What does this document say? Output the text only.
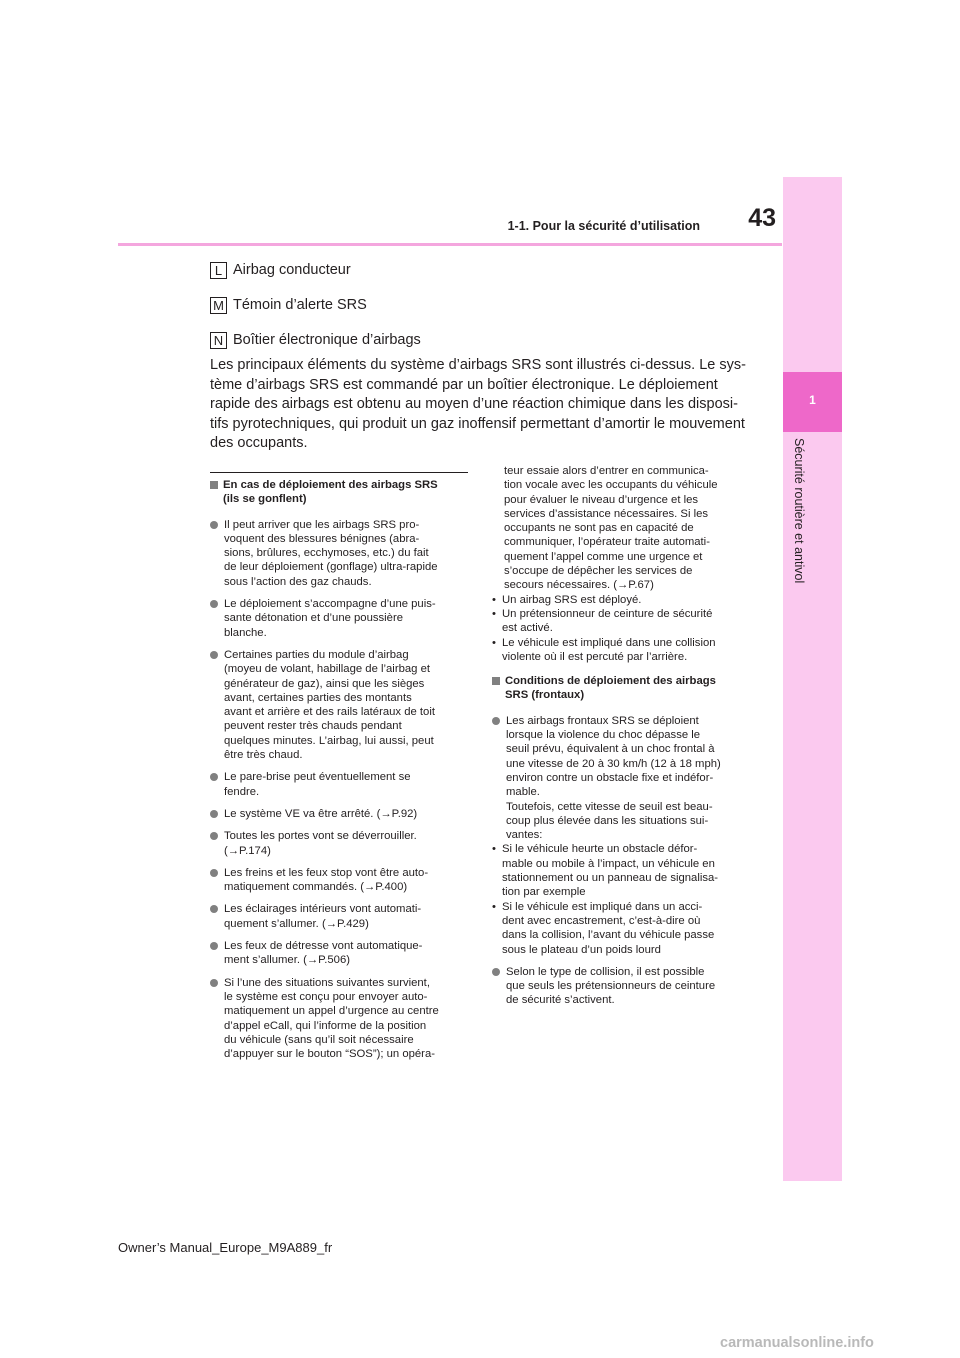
1
Sécurité routière et antivol
43
1-1. Pour la sécurité d’utilisation
L Airbag conducteur
M Témoin d’alerte SRS
N Boîtier électronique d’airbags

Les principaux éléments du système d’airbags SRS sont illustrés ci-dessus. Le sys-
tème d’airbags SRS est commandé par un boîtier électronique. Le déploiement
rapide des airbags est obtenu au moyen d’une réaction chimique dans les disposi-
tifs pyrotechniques, qui produit un gaz inoffensif permettant d’amortir le mouvement
des occupants.

En cas de déploiement des airbags SRS
(ils se gonflent)
Il peut arriver que les airbags SRS pro-
voquent des blessures bénignes (abra-
sions, brûlures, ecchymoses, etc.) du fait
de leur déploiement (gonflage) ultra-rapide
sous l’action des gaz chauds.
Le déploiement s’accompagne d’une puis-
sante détonation et d’une poussière
blanche.
Certaines parties du module d’airbag
(moyeu de volant, habillage de l’airbag et
générateur de gaz), ainsi que les sièges
avant, certaines parties des montants
avant et arrière et des rails latéraux de toit
peuvent rester très chauds pendant
quelques minutes. L’airbag, lui aussi, peut
être très chaud.
Le pare-brise peut éventuellement se
fendre.
Le système VE va être arrêté. (→P.92)
Toutes les portes vont se déverrouiller.
(→P.174)
Les freins et les feux stop vont être auto-
matiquement commandés. (→P.400)
Les éclairages intérieurs vont automati-
quement s’allumer. (→P.429)
Les feux de détresse vont automatique-
ment s’allumer. (→P.506)
Si l’une des situations suivantes survient,
le système est conçu pour envoyer auto-
matiquement un appel d’urgence au centre
d’appel eCall, qui l’informe de la position
du véhicule (sans qu’il soit nécessaire
d’appuyer sur le bouton “SOS”); un opéra-
teur essaie alors d’entrer en communica-
tion vocale avec les occupants du véhicule
pour évaluer le niveau d’urgence et les
services d’assistance nécessaires. Si les
occupants ne sont pas en capacité de
communiquer, l’opérateur traite automati-
quement l’appel comme une urgence et
s’occupe de dépêcher les services de
secours nécessaires. (→P.67)
• Un airbag SRS est déployé.
• Un prétensionneur de ceinture de sécurité
est activé.
• Le véhicule est impliqué dans une collision
violente où il est percuté par l’arrière.
Conditions de déploiement des airbags
SRS (frontaux)
Les airbags frontaux SRS se déploient
lorsque la violence du choc dépasse le
seuil prévu, équivalent à un choc frontal à
une vitesse de 20 à 30 km/h (12 à 18 mph)
environ contre un obstacle fixe et indéfor-
mable.
Toutefois, cette vitesse de seuil est beau-
coup plus élevée dans les situations sui-
vantes:
• Si le véhicule heurte un obstacle défor-
mable ou mobile à l’impact, un véhicule en
stationnement ou un panneau de signalisa-
tion par exemple
• Si le véhicule est impliqué dans un acci-
dent avec encastrement, c’est-à-dire où
dans la collision, l’avant du véhicule passe
sous le plateau d’un poids lourd
Selon le type de collision, il est possible
que seuls les prétensionneurs de ceinture
de sécurité s’activent.
Owner’s Manual_Europe_M9A889_fr
carmanualsonline.info
